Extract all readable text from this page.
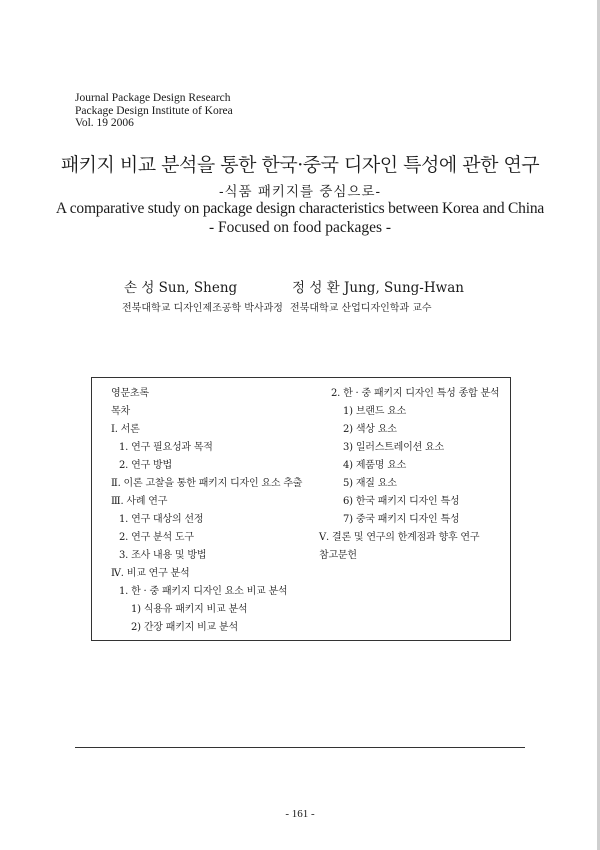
Journal Package Design Research
Package Design Institute of Korea
Vol. 19 2006
패키지 비교 분석을 통한 한국·중국 디자인 특성에 관한 연구
-식품 패키지를 중심으로-
A comparative study on package design characteristics between Korea and China
- Focused on food packages -
손 성 Sun, Sheng	정 성 환 Jung, Sung-Hwan
전북대학교 디자인제조공학 박사과정 전북대학교 산업디자인학과 교수
영문초록
목차
Ⅰ. 서론
1. 연구 필요성과 목적
2. 연구 방법
Ⅱ. 이론 고찰을 통한 패키지 디자인 요소 추출
Ⅲ. 사례 연구
1. 연구 대상의 선정
2. 연구 분석 도구
3. 조사 내용 및 방법
Ⅳ. 비교 연구 분석
1. 한 · 중 패키지 디자인 요소 비교 분석
1) 식용유 패키지 비교 분석
2) 간장 패키지 비교 분석
2. 한 · 중 패키지 디자인 특성 종합 분석
1) 브랜드 요소
2) 색상 요소
3) 일러스트레이션 요소
4) 제품명 요소
5) 재질 요소
6) 한국 패키지 디자인 특성
7) 중국 패키지 디자인 특성
Ⅴ. 결론 및 연구의 한계점과 향후 연구
참고문헌
- 161 -
